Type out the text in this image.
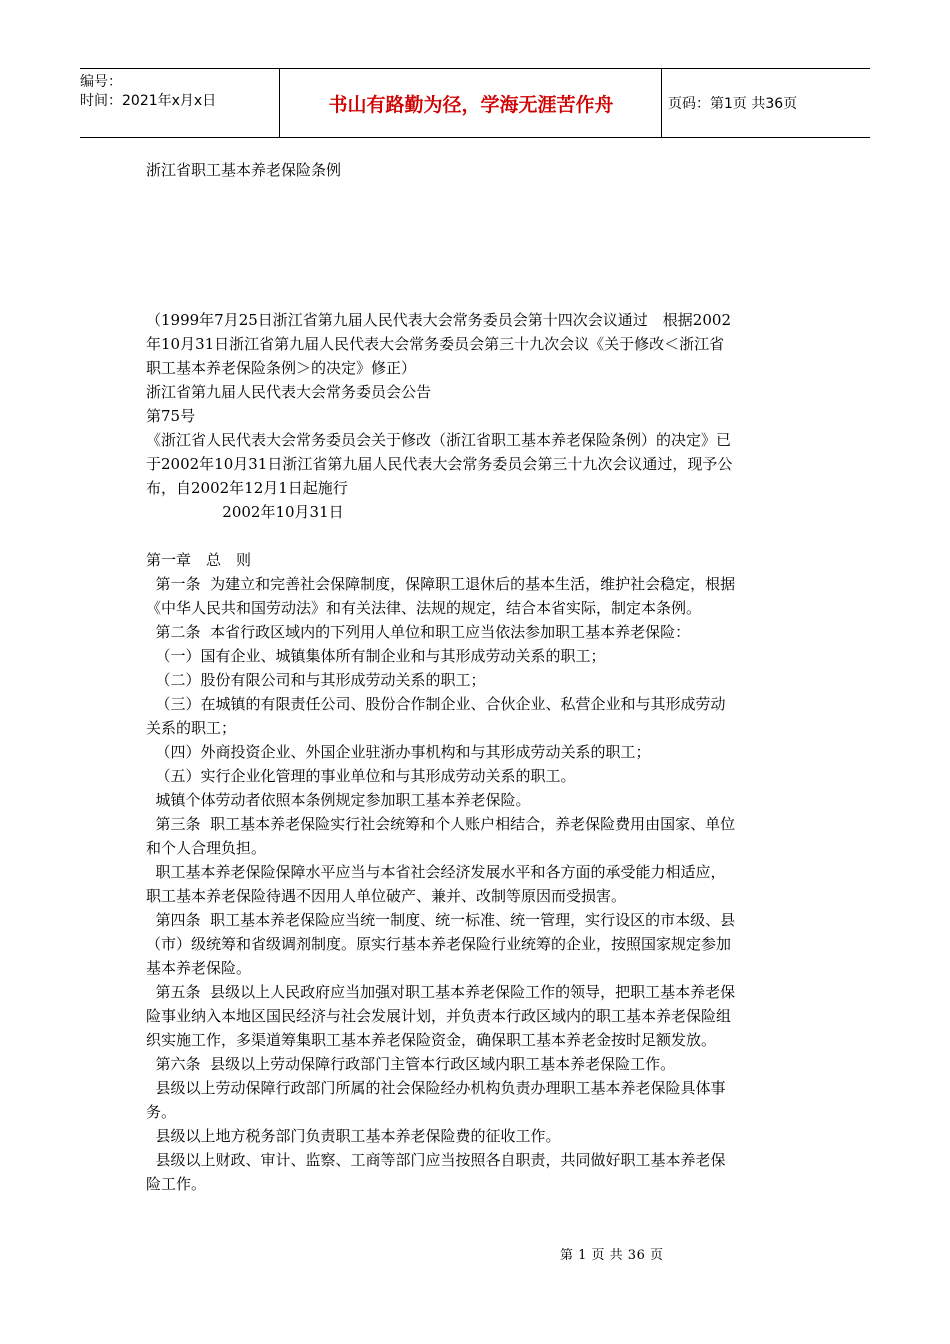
编号：
时间：2021年x月x日	书山有路勤为径，学海无涯苦作舟	页码：第1页 共36页
浙江省职工基本养老保险条例
（1999年7月25日浙江省第九届人民代表大会常务委员会第十四次会议通过　根据2002
年10月31日浙江省第九届人民代表大会常务委员会第三十九次会议《关于修改＜浙江省
职工基本养老保险条例＞的决定》修正）
浙江省第九届人民代表大会常务委员会公告
第75号
《浙江省人民代表大会常务委员会关于修改（浙江省职工基本养老保险条例）的决定》已
于2002年10月31日浙江省第九届人民代表大会常务委员会第三十九次会议通过，现予公
布，自2002年12月1日起施行
2002年10月31日
第一章　总　则
第一条  为建立和完善社会保障制度，保障职工退休后的基本生活，维护社会稳定，根据
《中华人民共和国劳动法》和有关法律、法规的规定，结合本省实际，制定本条例。
第二条  本省行政区域内的下列用人单位和职工应当依法参加职工基本养老保险：
（一）国有企业、城镇集体所有制企业和与其形成劳动关系的职工；
（二）股份有限公司和与其形成劳动关系的职工；
（三）在城镇的有限责任公司、股份合作制企业、合伙企业、私营企业和与其形成劳动
关系的职工；
（四）外商投资企业、外国企业驻浙办事机构和与其形成劳动关系的职工；
（五）实行企业化管理的事业单位和与其形成劳动关系的职工。
城镇个体劳动者依照本条例规定参加职工基本养老保险。
第三条  职工基本养老保险实行社会统筹和个人账户相结合，养老保险费用由国家、单位
和个人合理负担。
职工基本养老保险保障水平应当与本省社会经济发展水平和各方面的承受能力相适应，
职工基本养老保险待遇不因用人单位破产、兼并、改制等原因而受损害。
第四条  职工基本养老保险应当统一制度、统一标准、统一管理，实行设区的市本级、县
（市）级统筹和省级调剂制度。原实行基本养老保险行业统筹的企业，按照国家规定参加
基本养老保险。
第五条  县级以上人民政府应当加强对职工基本养老保险工作的领导，把职工基本养老保
险事业纳入本地区国民经济与社会发展计划，并负责本行政区域内的职工基本养老保险组
织实施工作，多渠道筹集职工基本养老保险资金，确保职工基本养老金按时足额发放。
第六条  县级以上劳动保障行政部门主管本行政区域内职工基本养老保险工作。
县级以上劳动保障行政部门所属的社会保险经办机构负责办理职工基本养老保险具体事
务。
县级以上地方税务部门负责职工基本养老保险费的征收工作。
县级以上财政、审计、监察、工商等部门应当按照各自职责，共同做好职工基本养老保
险工作。
第 1 页 共 36 页
